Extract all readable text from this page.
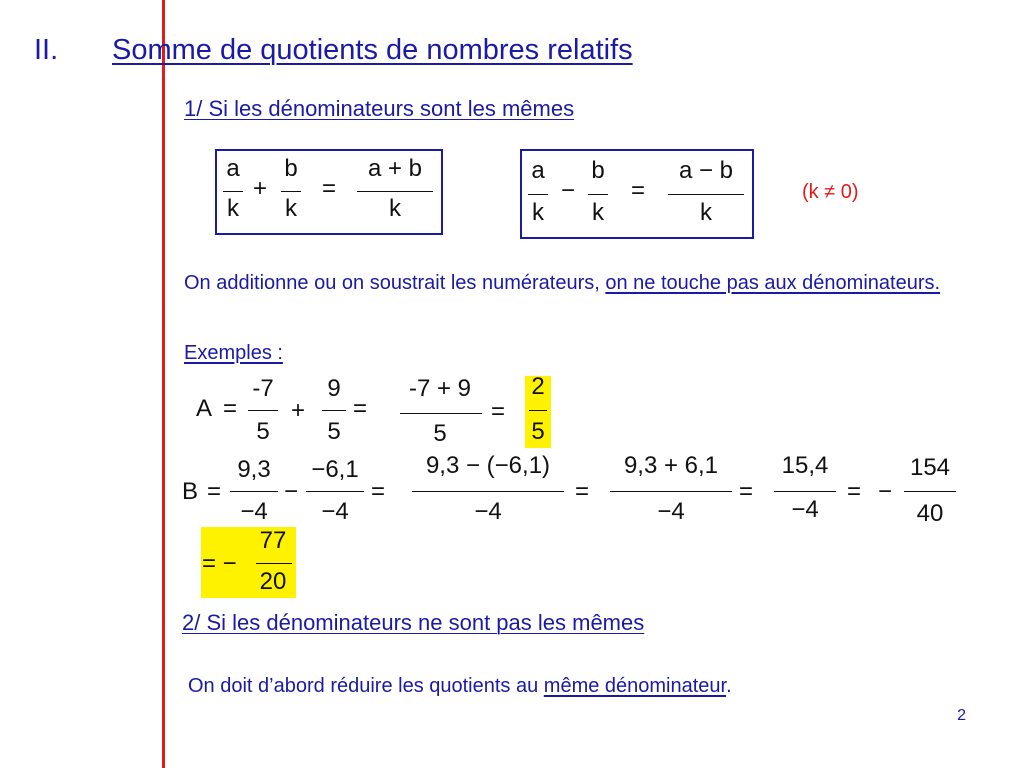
II. Somme de quotients de nombres relatifs
1/ Si les dénominateurs sont les mêmes
a
k
+
b
k
=
a + b
k
a
k
−
b
k
=
a − b
k
(k ≠ 0)
On additionne ou on soustrait les numérateurs, on ne touche pas aux dénominateurs.
Exemples :
A =
-7
5
+
9
5
=
-7 + 9
5
=
2
5
B =
9,3
−4
−
−6,1
−4
=
9,3 − (−6,1)
−4
=
9,3 + 6,1
−4
=
15,4
−4
= −
154
40
= −
77
20
2/ Si les dénominateurs ne sont pas les mêmes
On doit d’abord réduire les quotients au même dénominateur.
2
